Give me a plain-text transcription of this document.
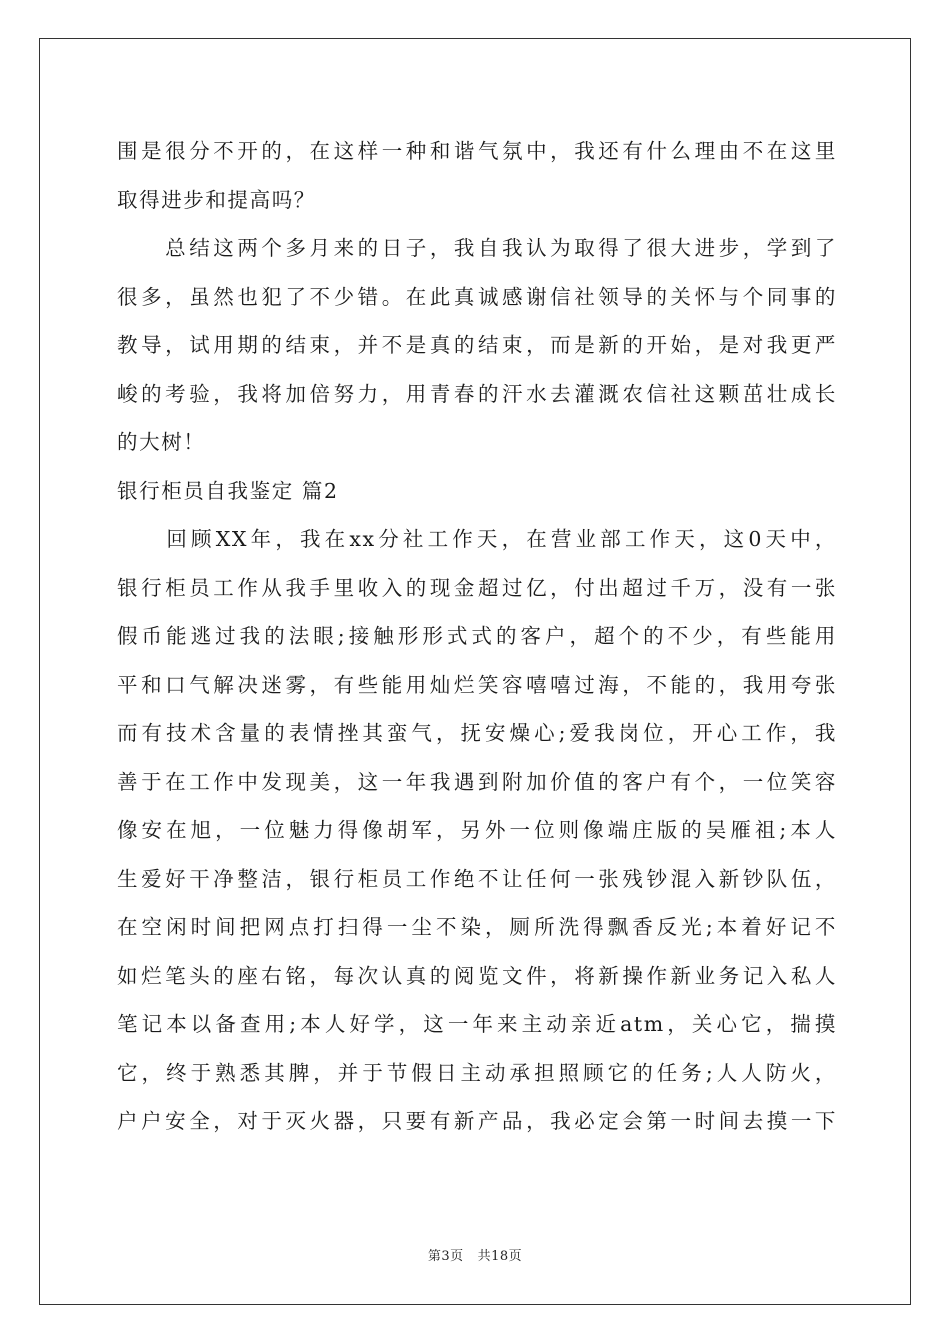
围是很分不开的，在这样一种和谐气氛中，我还有什么理由不在这里
取得进步和提高吗？
　　总结这两个多月来的日子，我自我认为取得了很大进步，学到了
很多，虽然也犯了不少错。在此真诚感谢信社领导的关怀与个同事的
教导，试用期的结束，并不是真的结束，而是新的开始，是对我更严
峻的考验，我将加倍努力，用青春的汗水去灌溉农信社这颗茁壮成长
的大树！
银行柜员自我鉴定 篇2
　　回顾XX年，我在xx分社工作天，在营业部工作天，这0天中，
银行柜员工作从我手里收入的现金超过亿，付出超过千万，没有一张
假币能逃过我的法眼;接触形形式式的客户，超个的不少，有些能用
平和口气解决迷雾，有些能用灿烂笑容嘻嘻过海，不能的，我用夸张
而有技术含量的表情挫其蛮气，抚安燥心;爱我岗位，开心工作，我
善于在工作中发现美，这一年我遇到附加价值的客户有个，一位笑容
像安在旭，一位魅力得像胡军，另外一位则像端庄版的吴雁祖;本人
生爱好干净整洁，银行柜员工作绝不让任何一张残钞混入新钞队伍，
在空闲时间把网点打扫得一尘不染，厕所洗得飘香反光;本着好记不
如烂笔头的座右铭，每次认真的阅览文件，将新操作新业务记入私人
笔记本以备查用;本人好学，这一年来主动亲近atm，关心它，揣摸
它，终于熟悉其脾，并于节假日主动承担照顾它的任务;人人防火，
户户安全，对于灭火器，只要有新产品，我必定会第一时间去摸一下
第3页 共18页
